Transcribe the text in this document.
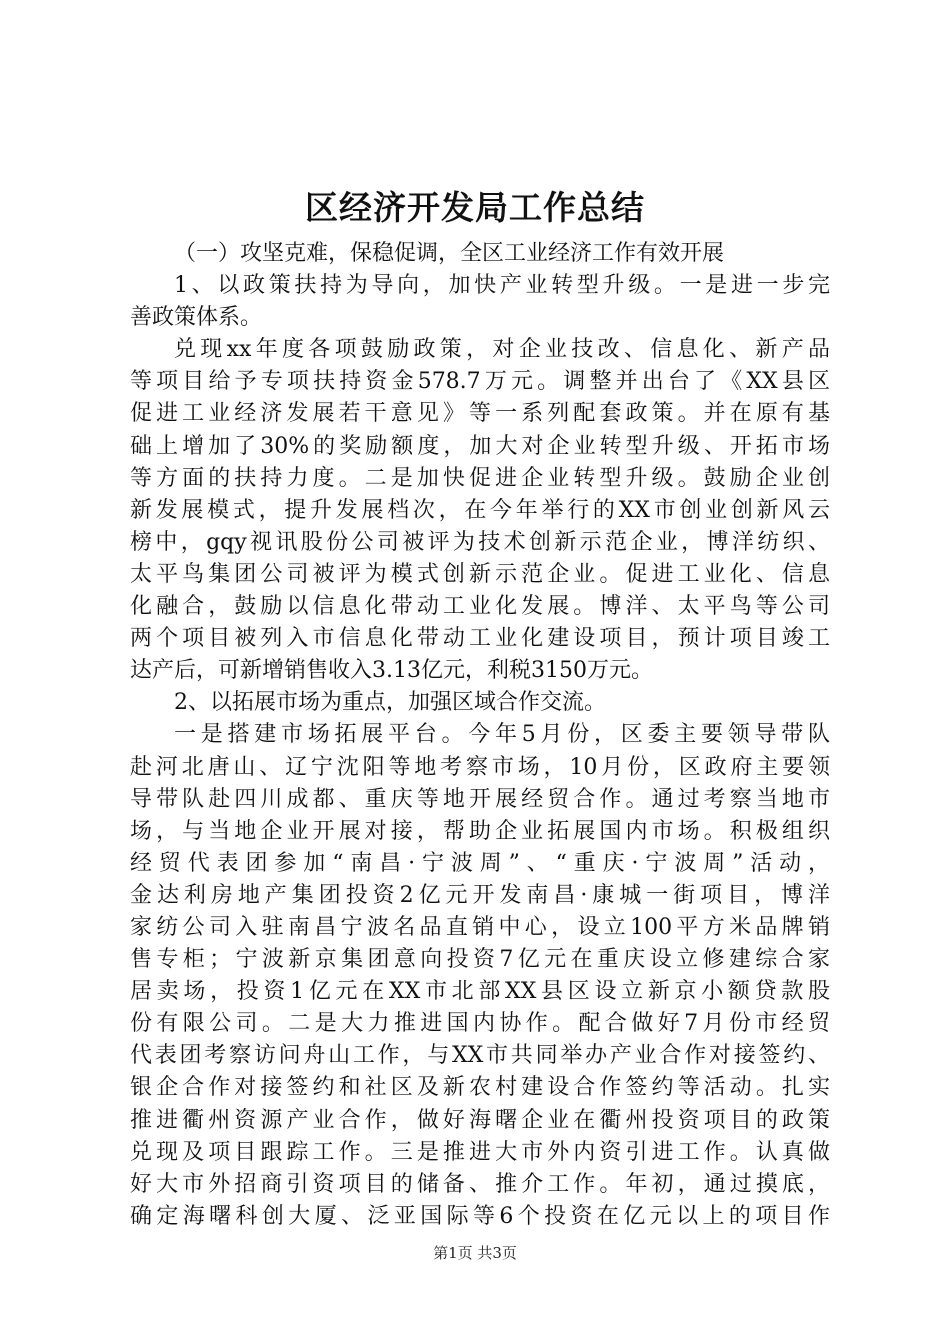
区经济开发局工作总结
（一）攻坚克难，保稳促调，全区工业经济工作有效开展
1、以政策扶持为导向，加快产业转型升级。一是进一步完
善政策体系。
兑现xx年度各项鼓励政策，对企业技改、信息化、新产品
等项目给予专项扶持资金578.7万元。调整并出台了《XX县区
促进工业经济发展若干意见》等一系列配套政策。并在原有基
础上增加了30%的奖励额度，加大对企业转型升级、开拓市场
等方面的扶持力度。二是加快促进企业转型升级。鼓励企业创
新发展模式，提升发展档次，在今年举行的XX市创业创新风云
榜中，gqy视讯股份公司被评为技术创新示范企业，博洋纺织、
太平鸟集团公司被评为模式创新示范企业。促进工业化、信息
化融合，鼓励以信息化带动工业化发展。博洋、太平鸟等公司
两个项目被列入市信息化带动工业化建设项目，预计项目竣工
达产后，可新增销售收入3.13亿元，利税3150万元。
2、以拓展市场为重点，加强区域合作交流。
一是搭建市场拓展平台。今年5月份，区委主要领导带队
赴河北唐山、辽宁沈阳等地考察市场，10月份，区政府主要领
导带队赴四川成都、重庆等地开展经贸合作。通过考察当地市
场，与当地企业开展对接，帮助企业拓展国内市场。积极组织
经贸代表团参加“南昌·宁波周”、“重庆·宁波周”活动，
金达利房地产集团投资2亿元开发南昌·康城一街项目，博洋
家纺公司入驻南昌宁波名品直销中心，设立100平方米品牌销
售专柜；宁波新京集团意向投资7亿元在重庆设立修建综合家
居卖场，投资1亿元在XX市北部XX县区设立新京小额贷款股
份有限公司。二是大力推进国内协作。配合做好7月份市经贸
代表团考察访问舟山工作，与XX市共同举办产业合作对接签约、
银企合作对接签约和社区及新农村建设合作签约等活动。扎实
推进衢州资源产业合作，做好海曙企业在衢州投资项目的政策
兑现及项目跟踪工作。三是推进大市外内资引进工作。认真做
好大市外招商引资项目的储备、推介工作。年初，通过摸底，
确定海曙科创大厦、泛亚国际等6个投资在亿元以上的项目作
第1页 共3页
